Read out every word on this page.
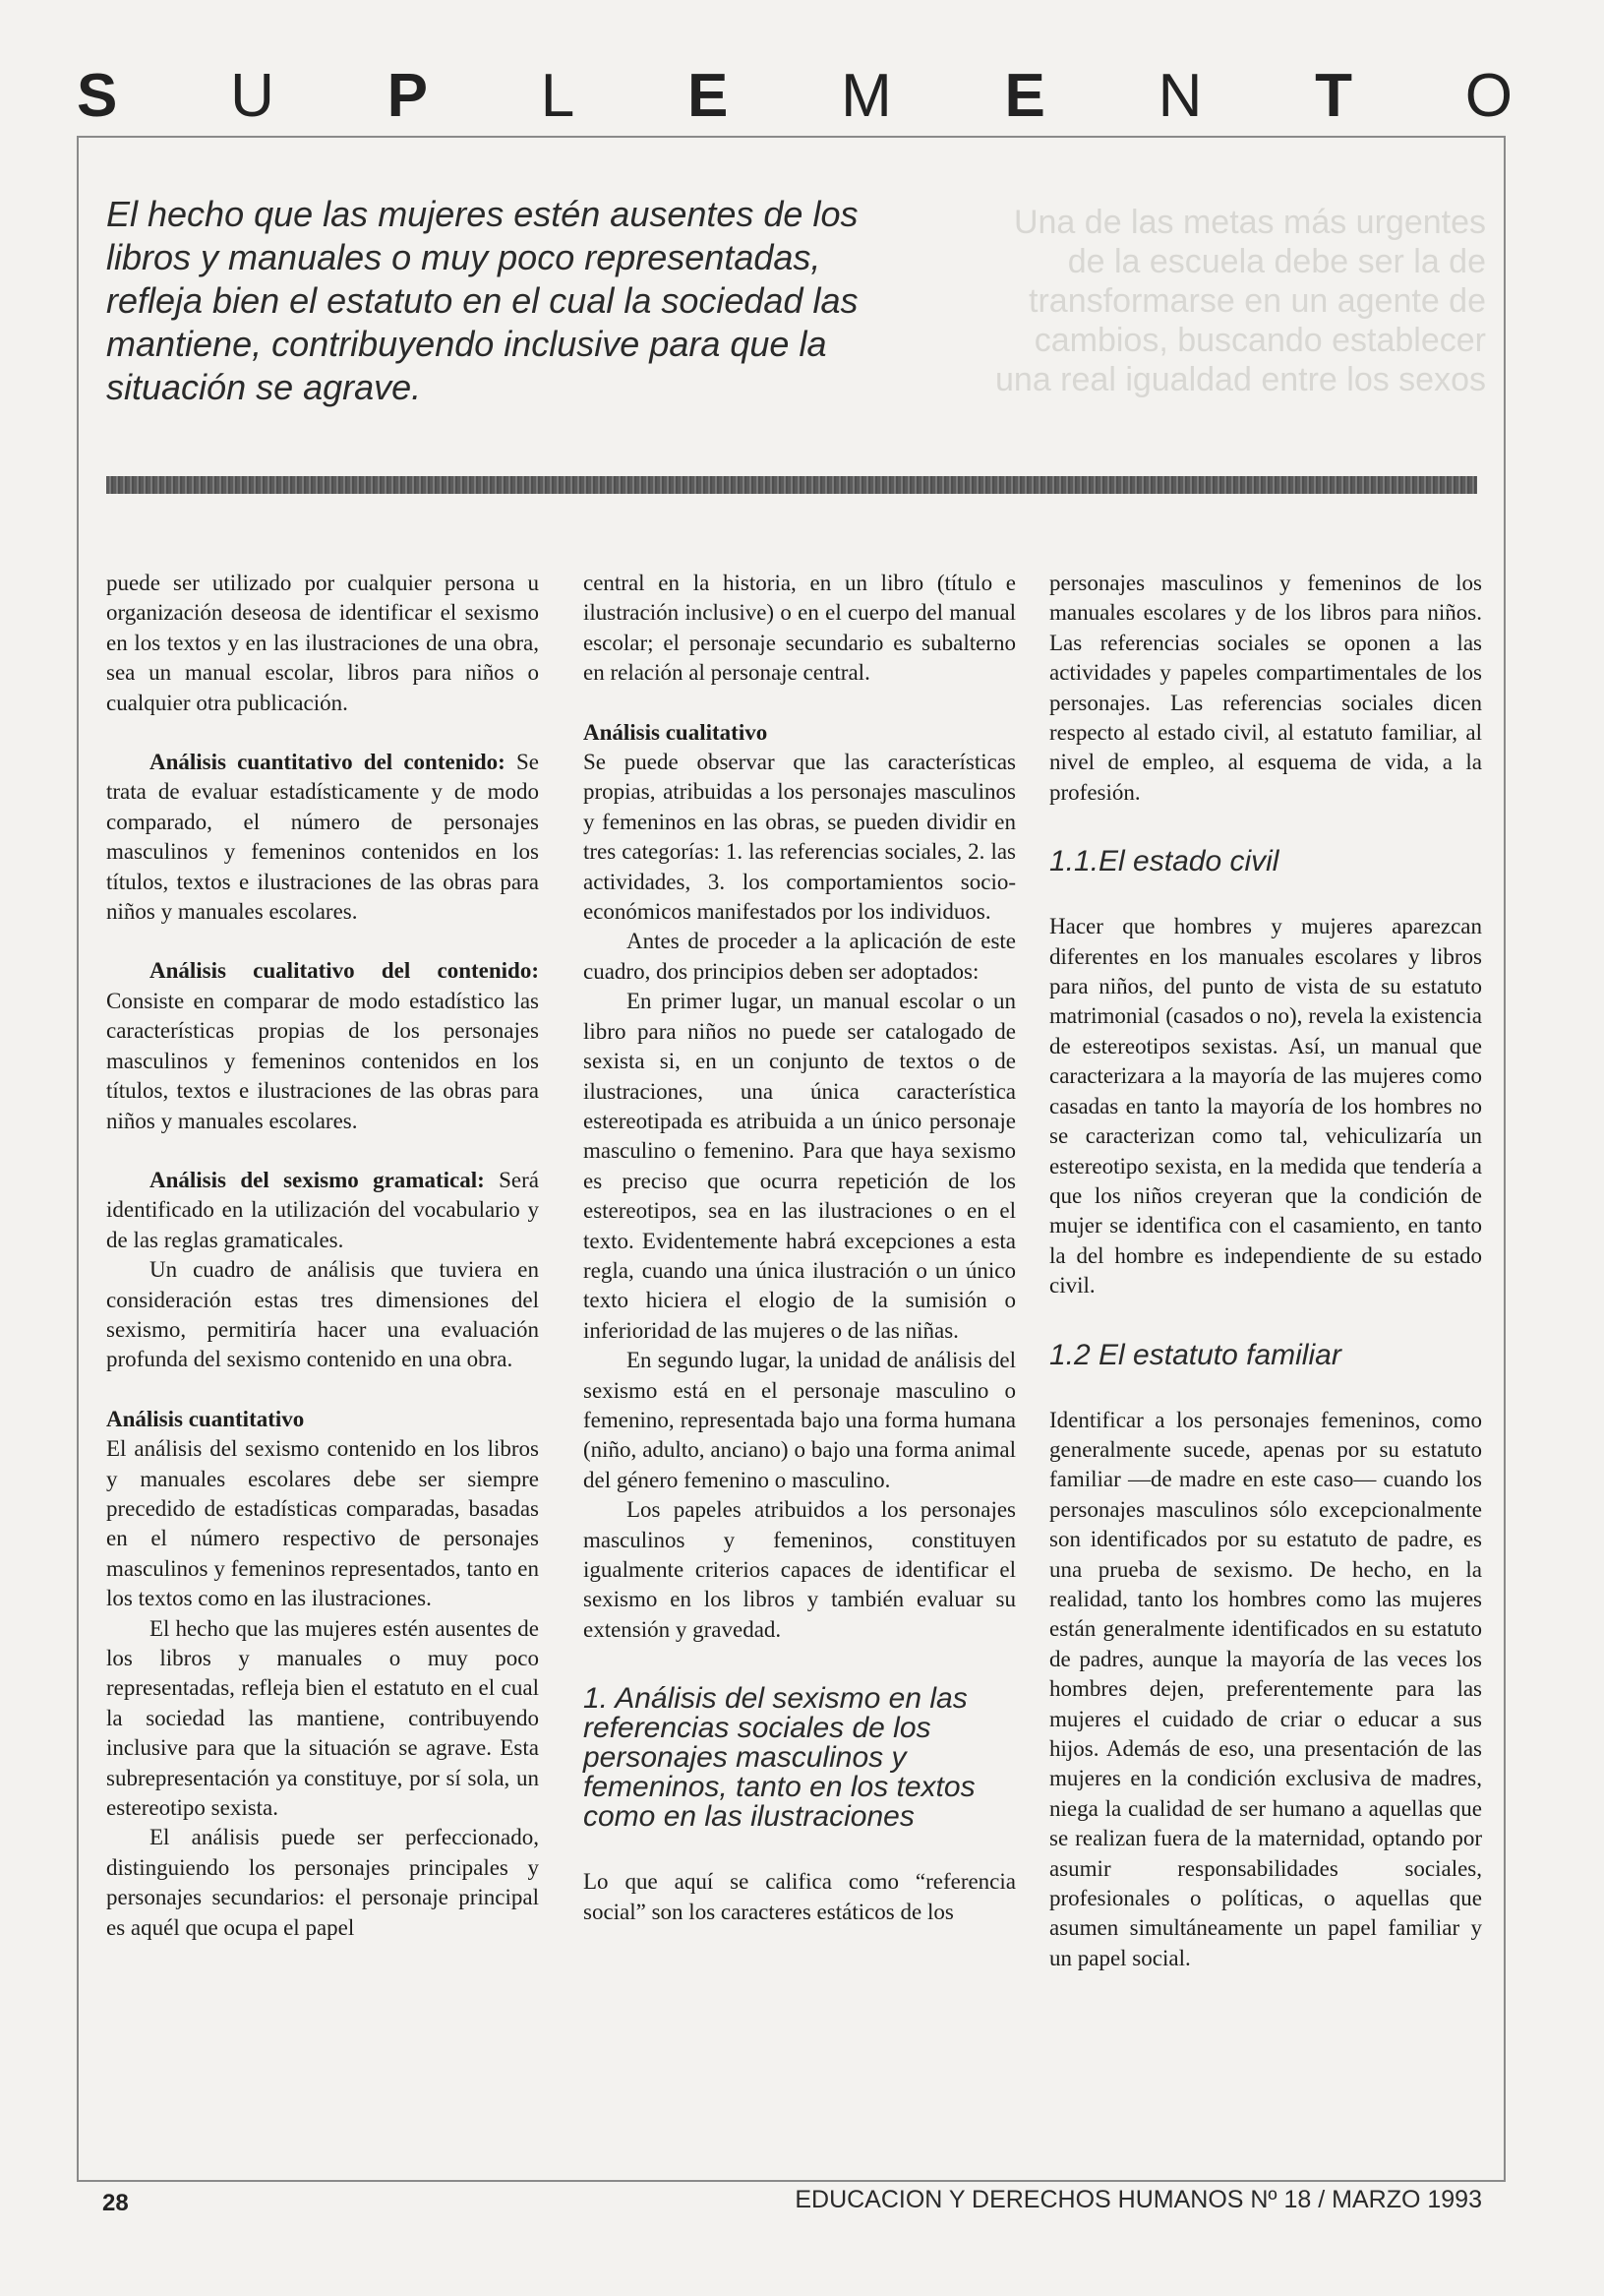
S U P L E M E N T O

El hecho que las mujeres estén ausentes de los libros y manuales o muy poco representadas, refleja bien el estatuto en el cual la sociedad las mantiene, contribuyendo inclusive para que la situación se agrave.

Una de las metas más urgentes de la escuela debe ser la de transformarse en un agente de cambios, buscando establecer una real igualdad entre los sexos

puede ser utilizado por cualquier persona u organización deseosa de identificar el sexismo en los textos y en las ilustraciones de una obra, sea un manual escolar, libros para niños o cualquier otra publicación.

Análisis cuantitativo del contenido: Se trata de evaluar estadísticamente y de modo comparado, el número de personajes masculinos y femeninos contenidos en los títulos, textos e ilustraciones de las obras para niños y manuales escolares.

Análisis cualitativo del contenido: Consiste en comparar de modo estadístico las características propias de los personajes masculinos y femeninos contenidos en los títulos, textos e ilustraciones de las obras para niños y manuales escolares.

Análisis del sexismo gramatical: Será identificado en la utilización del vocabulario y de las reglas gramaticales.

Un cuadro de análisis que tuviera en consideración estas tres dimensiones del sexismo, permitiría hacer una evaluación profunda del sexismo contenido en una obra.

Análisis cuantitativo

El análisis del sexismo contenido en los libros y manuales escolares debe ser siempre precedido de estadísticas comparadas, basadas en el número respectivo de personajes masculinos y femeninos representados, tanto en los textos como en las ilustraciones.

El hecho que las mujeres estén ausentes de los libros y manuales o muy poco representadas, refleja bien el estatuto en el cual la sociedad las mantiene, contribuyendo inclusive para que la situación se agrave. Esta subrepresentación ya constituye, por sí sola, un estereotipo sexista.

El análisis puede ser perfeccionado, distinguiendo los personajes principales y personajes secundarios: el personaje principal es aquél que ocupa el papel

central en la historia, en un libro (título e ilustración inclusive) o en el cuerpo del manual escolar; el personaje secundario es subalterno en relación al personaje central.

Análisis cualitativo

Se puede observar que las características propias, atribuidas a los personajes masculinos y femeninos en las obras, se pueden dividir en tres categorías: 1. las referencias sociales, 2. las actividades, 3. los comportamientos socio-económicos manifestados por los individuos.

Antes de proceder a la aplicación de este cuadro, dos principios deben ser adoptados:

En primer lugar, un manual escolar o un libro para niños no puede ser catalogado de sexista si, en un conjunto de textos o de ilustraciones, una única característica estereotipada es atribuida a un único personaje masculino o femenino. Para que haya sexismo es preciso que ocurra repetición de los estereotipos, sea en las ilustraciones o en el texto. Evidentemente habrá excepciones a esta regla, cuando una única ilustración o un único texto hiciera el elogio de la sumisión o inferioridad de las mujeres o de las niñas.

En segundo lugar, la unidad de análisis del sexismo está en el personaje masculino o femenino, representada bajo una forma humana (niño, adulto, anciano) o bajo una forma animal del género femenino o masculino.

Los papeles atribuidos a los personajes masculinos y femeninos, constituyen igualmente criterios capaces de identificar el sexismo en los libros y también evaluar su extensión y gravedad.

1. Análisis del sexismo en las referencias sociales de los personajes masculinos y femeninos, tanto en los textos como en las ilustraciones

Lo que aquí se califica como “referencia social” son los caracteres estáticos de los

personajes masculinos y femeninos de los manuales escolares y de los libros para niños. Las referencias sociales se oponen a las actividades y papeles compartimentales de los personajes. Las referencias sociales dicen respecto al estado civil, al estatuto familiar, al nivel de empleo, al esquema de vida, a la profesión.

1.1.El estado civil

Hacer que hombres y mujeres aparezcan diferentes en los manuales escolares y libros para niños, del punto de vista de su estatuto matrimonial (casados o no), revela la existencia de estereotipos sexistas. Así, un manual que caracterizara a la mayoría de las mujeres como casadas en tanto la mayoría de los hombres no se caracterizan como tal, vehiculizaría un estereotipo sexista, en la medida que tendería a que los niños creyeran que la condición de mujer se identifica con el casamiento, en tanto la del hombre es independiente de su estado civil.

1.2 El estatuto familiar

Identificar a los personajes femeninos, como generalmente sucede, apenas por su estatuto familiar —de madre en este caso— cuando los personajes masculinos sólo excepcionalmente son identificados por su estatuto de padre, es una prueba de sexismo. De hecho, en la realidad, tanto los hombres como las mujeres están generalmente identificados en su estatuto de padres, aunque la mayoría de las veces los hombres dejen, preferentemente para las mujeres el cuidado de criar o educar a sus hijos. Además de eso, una presentación de las mujeres en la condición exclusiva de madres, niega la cualidad de ser humano a aquellas que se realizan fuera de la maternidad, optando por asumir responsabilidades sociales, profesionales o políticas, o aquellas que asumen simultáneamente un papel familiar y un papel social.

28	EDUCACION Y DERECHOS HUMANOS Nº 18 / MARZO 1993
